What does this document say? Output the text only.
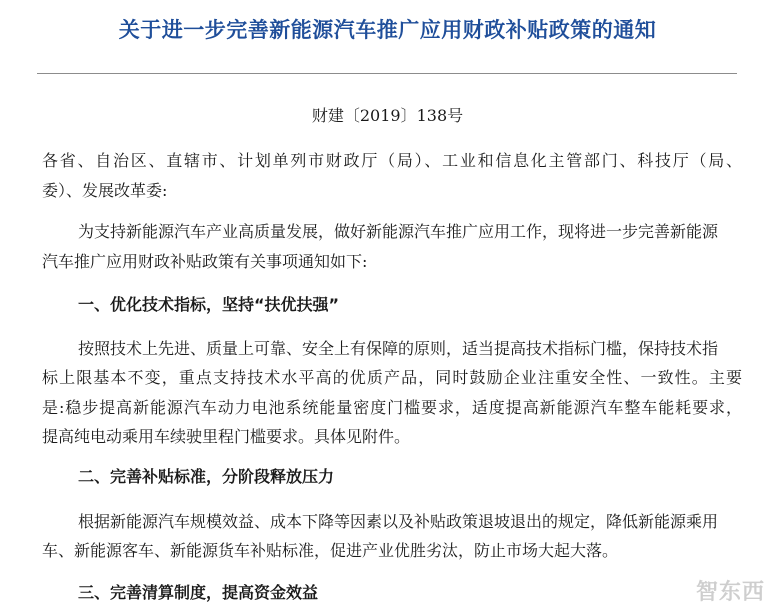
关于进一步完善新能源汽车推广应用财政补贴政策的通知
财建〔2019〕138号
各省、自治区、直辖市、计划单列市财政厅（局）、工业和信息化主管部门、科技厅（局、
委）、发展改革委:
为支持新能源汽车产业高质量发展，做好新能源汽车推广应用工作，现将进一步完善新能源
汽车推广应用财政补贴政策有关事项通知如下:
一、优化技术指标，坚持“扶优扶强”
按照技术上先进、质量上可靠、安全上有保障的原则，适当提高技术指标门槛，保持技术指
标上限基本不变，重点支持技术水平高的优质产品，同时鼓励企业注重安全性、一致性。主要
是:稳步提高新能源汽车动力电池系统能量密度门槛要求，适度提高新能源汽车整车能耗要求，
提高纯电动乘用车续驶里程门槛要求。具体见附件。
二、完善补贴标准，分阶段释放压力
根据新能源汽车规模效益、成本下降等因素以及补贴政策退坡退出的规定，降低新能源乘用
车、新能源客车、新能源货车补贴标准，促进产业优胜劣汰，防止市场大起大落。
三、完善清算制度，提高资金效益	智东西
